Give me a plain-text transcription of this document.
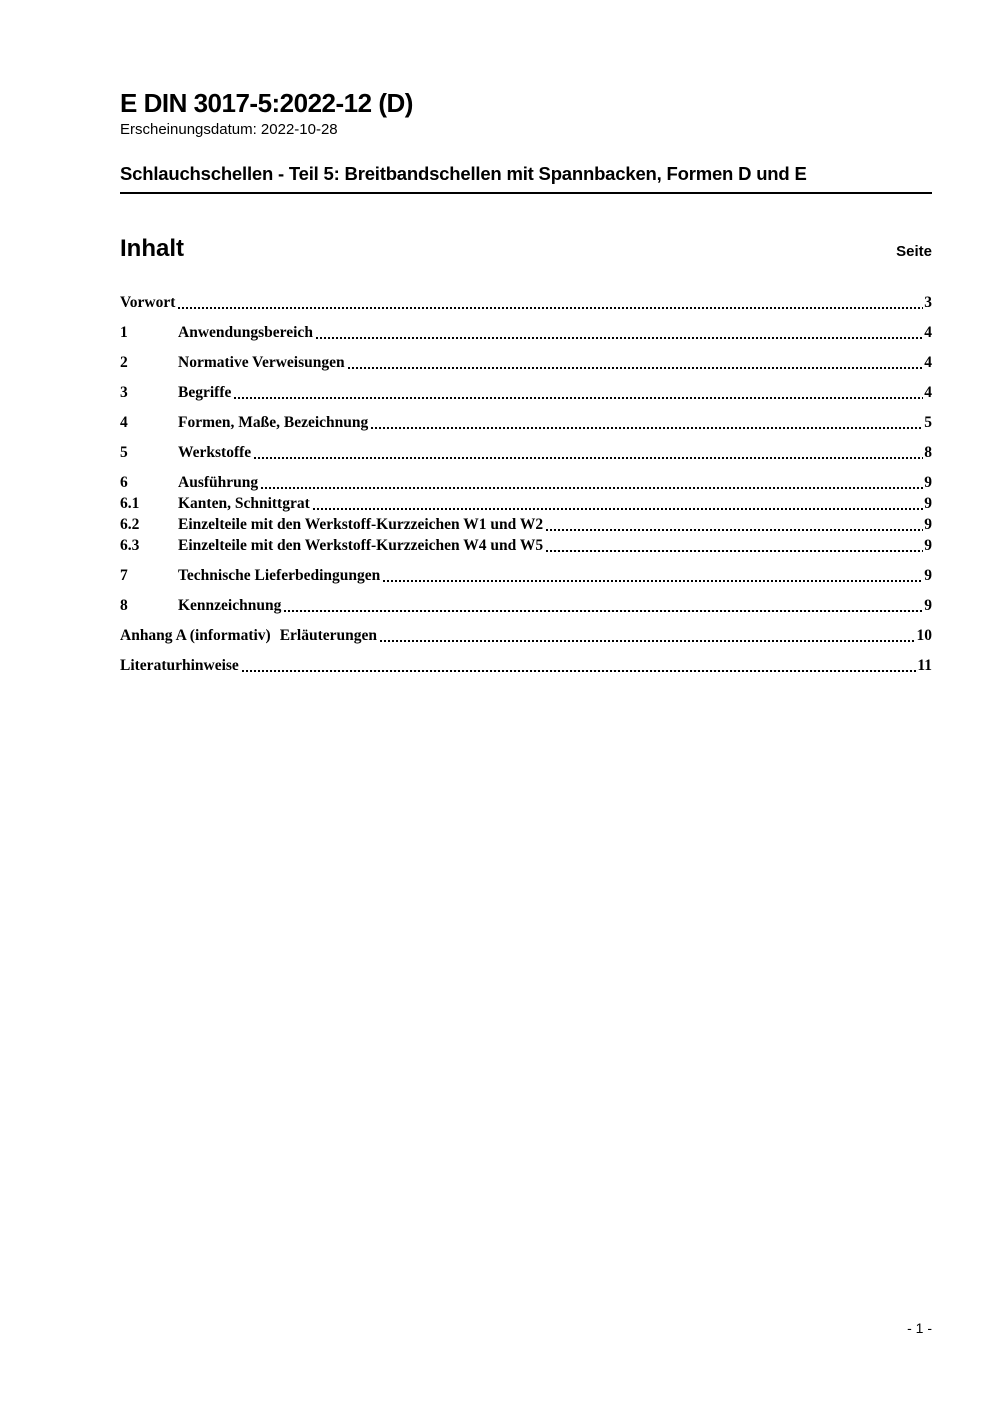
E DIN 3017-5:2022-12 (D)
Erscheinungsdatum: 2022-10-28
Schlauchschellen - Teil 5: Breitbandschellen mit Spannbacken, Formen D und E
Inhalt	Seite
Vorwort	3
1	Anwendungsbereich	4
2	Normative Verweisungen	4
3	Begriffe	4
4	Formen, Maße, Bezeichnung	5
5	Werkstoffe	8
6	Ausführung	9
6.1	Kanten, Schnittgrat	9
6.2	Einzelteile mit den Werkstoff-Kurzzeichen W1 und W2	9
6.3	Einzelteile mit den Werkstoff-Kurzzeichen W4 und W5	9
7	Technische Lieferbedingungen	9
8	Kennzeichnung	9
Anhang A (informativ) Erläuterungen	10
Literaturhinweise	11
- 1 -
